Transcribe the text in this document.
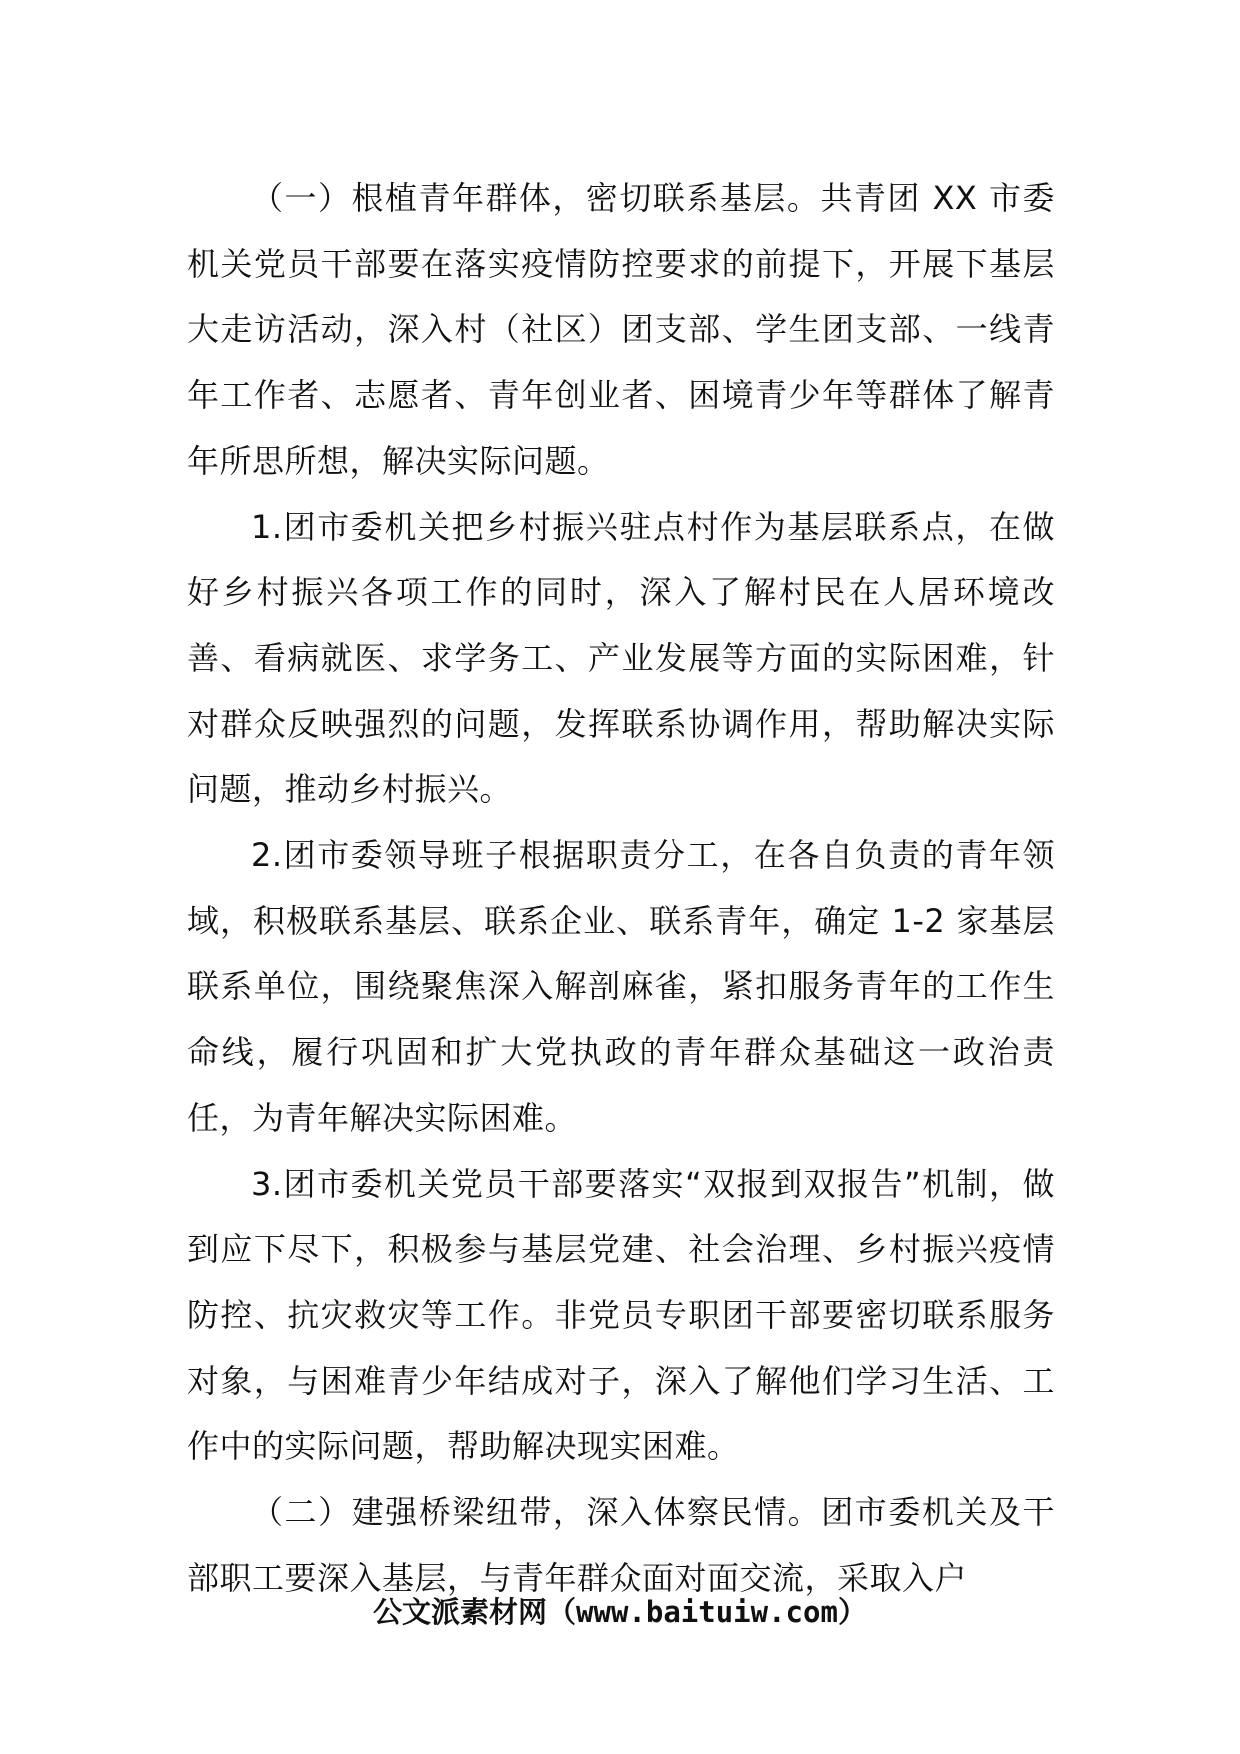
（一）根植青年群体，密切联系基层。共青团 XX 市委机关党员干部要在落实疫情防控要求的前提下，开展下基层大走访活动，深入村（社区）团支部、学生团支部、一线青年工作者、志愿者、青年创业者、困境青少年等群体了解青年所思所想，解决实际问题。

1.团市委机关把乡村振兴驻点村作为基层联系点，在做好乡村振兴各项工作的同时，深入了解村民在人居环境改善、看病就医、求学务工、产业发展等方面的实际困难，针对群众反映强烈的问题，发挥联系协调作用，帮助解决实际问题，推动乡村振兴。

2.团市委领导班子根据职责分工，在各自负责的青年领域，积极联系基层、联系企业、联系青年，确定 1-2 家基层联系单位，围绕聚焦深入解剖麻雀，紧扣服务青年的工作生命线，履行巩固和扩大党执政的青年群众基础这一政治责任，为青年解决实际困难。

3.团市委机关党员干部要落实“双报到双报告”机制，做到应下尽下，积极参与基层党建、社会治理、乡村振兴疫情防控、抗灾救灾等工作。非党员专职团干部要密切联系服务对象，与困难青少年结成对子，深入了解他们学习生活、工作中的实际问题，帮助解决现实困难。

（二）建强桥梁纽带，深入体察民情。团市委机关及干部职工要深入基层，与青年群众面对面交流，采取入户

公文派素材网（www.baituiw.com）
